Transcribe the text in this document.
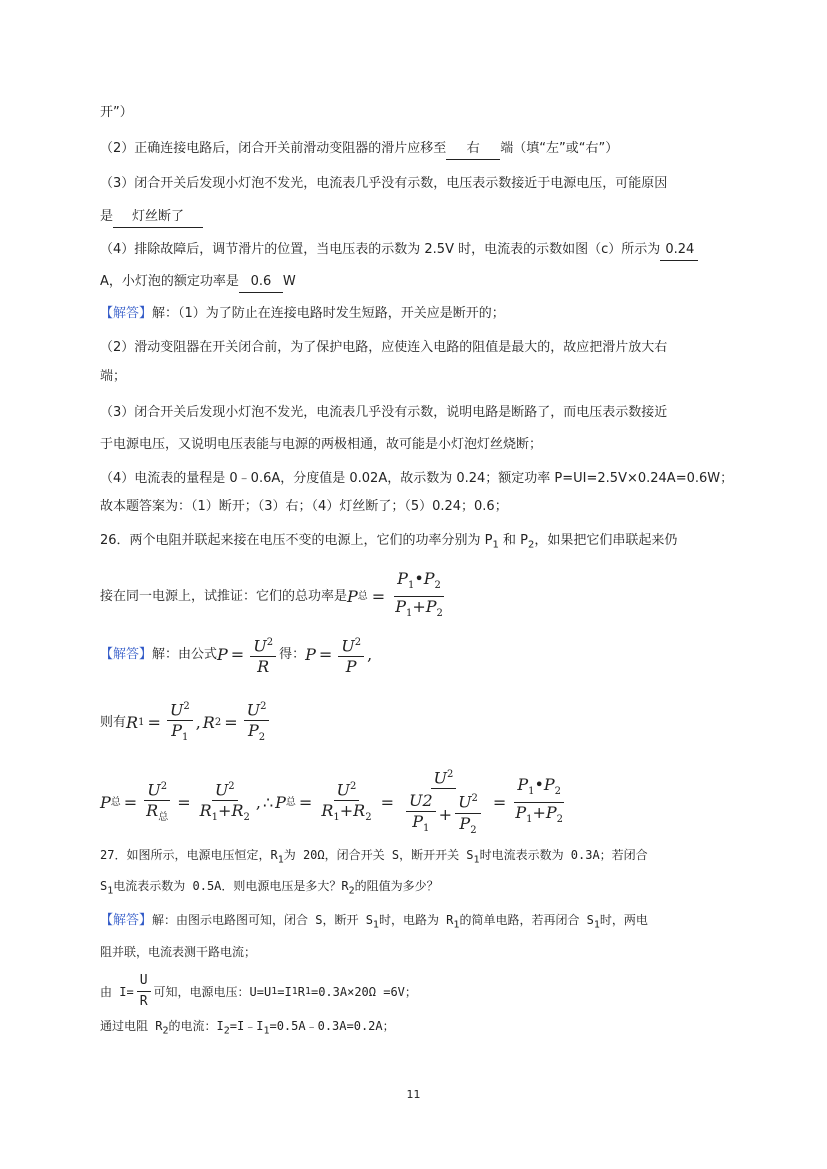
开”）
（2）正确连接电路后，闭合开关前滑动变阻器的滑片应移至 右 端（填“左”或“右”）
（3）闭合开关后发现小灯泡不发光，电流表几乎没有示数，电压表示数接近于电源电压，可能原因
是 灯丝断了
（4）排除故障后，调节滑片的位置，当电压表的示数为 2.5V 时，电流表的示数如图（c）所示为 0.24
A，小灯泡的额定功率是 0.6 W
【解答】解：（1）为了防止在连接电路时发生短路，开关应是断开的；
（2）滑动变阻器在开关闭合前，为了保护电路，应使连入电路的阻值是最大的，故应把滑片放大右
端；
（3）闭合开关后发现小灯泡不发光，电流表几乎没有示数，说明电路是断路了，而电压表示数接近
于电源电压，又说明电压表能与电源的两极相通，故可能是小灯泡灯丝烧断；
（4）电流表的量程是 0﹣0.6A，分度值是 0.02A，故示数为 0.24；额定功率 P=UI=2.5V×0.24A=0.6W；
故本题答案为：（1）断开；（3）右；（4）灯丝断了；（5）0.24；0.6；
26．两个电阻并联起来接在电压不变的电源上，它们的功率分别为 $P_1$ 和 $P_2$，如果把它们串联起来仍
接在同一电源上，试推证：它们的总功率是 P 总 = $\frac{P_1•P_2}{P_1+P_2}$
【解答】 解：由公式 $P = \frac{U^2}{R}$ 得： $P = \frac{U^2}{P}$ ,
则有 R $1 = \frac{U^2}{P_1}$ , R $2 = \frac{U^2}{P_2}$
P 总 = $\frac{U^2}{R_总} = \frac{U^2}{R_1+R_2}$ , ∴ P 总 = $\frac{U^2}{R_1+R_2} = \frac{U^2}{\frac{U2}{P_1} + \frac{U^2}{P_2}} = \frac{P_1•P_2}{P_1+P_2}$
27．如图所示，电源电压恒定，$R_1$为 20Ω，闭合开关 S，断开开关 $S_1$时电流表示数为 0.3A；若闭合
$S_1$电流表示数为 0.5A．则电源电压是多大？$R_2$的阻值为多少？
【解答】解：由图示电路图可知，闭合 S，断开 $S_1$时，电路为 $R_1$的简单电路，若再闭合 $S_1$时，两电
阻并联，电流表测干路电流；
由 $I= \frac{U}{R}$ 可知，电源电压：U=U 1 =I 1 R 1 =0.3A×20Ω =6V；
通过电阻 $R_2$的电流：$I_2=I﹣I_1=0.5A﹣0.3A=0.2A$；
11
